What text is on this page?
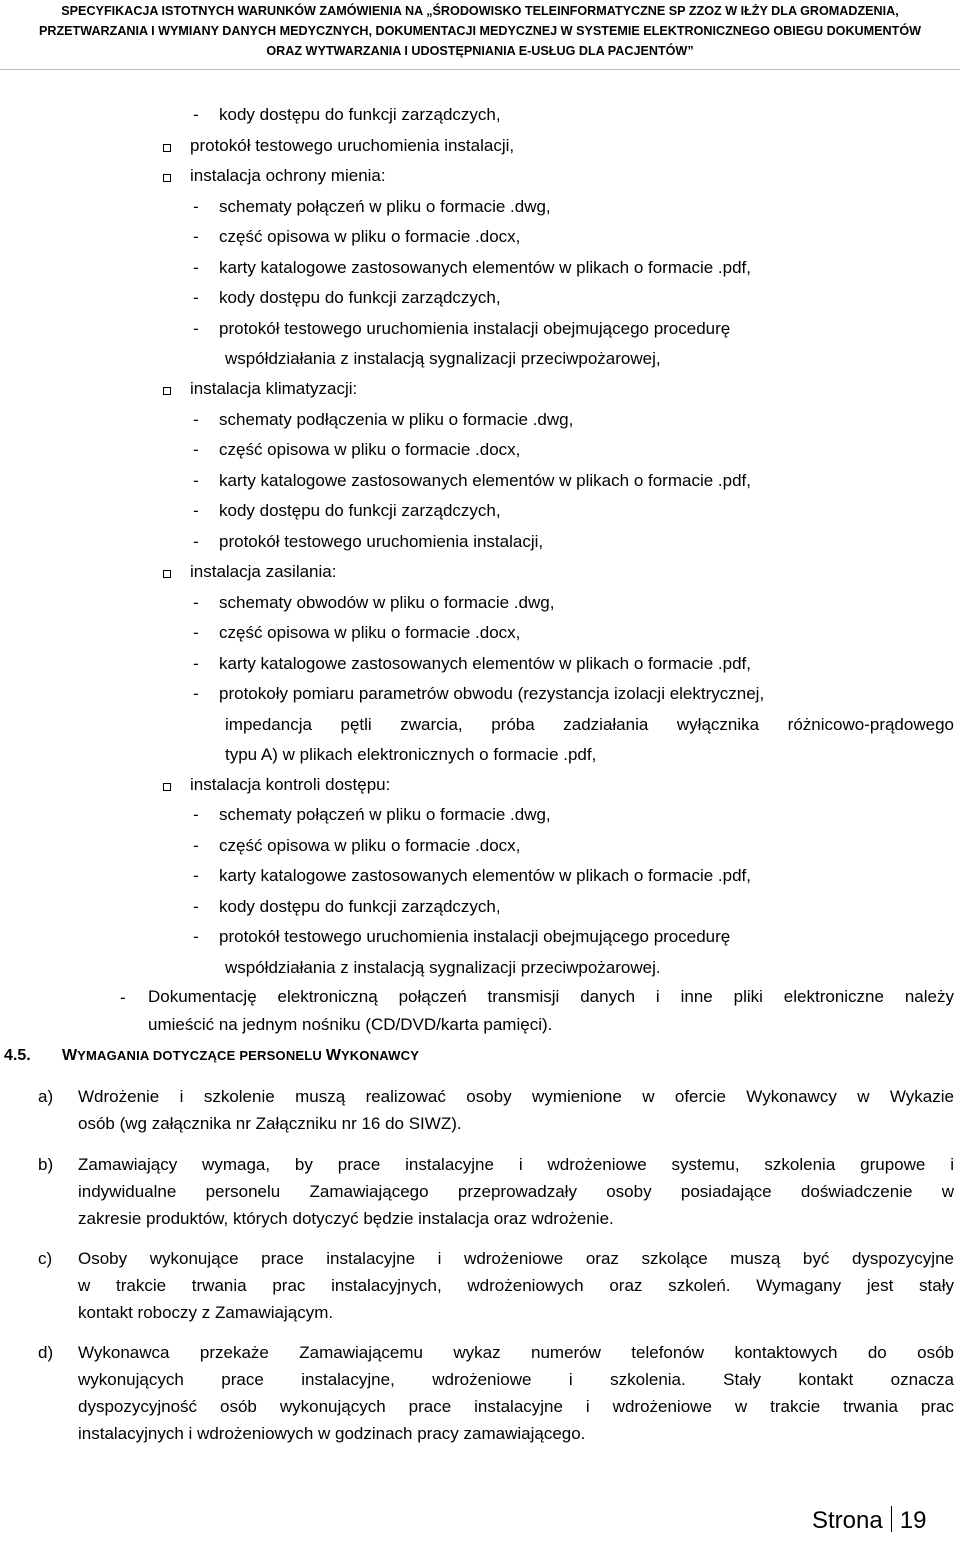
SPECYFIKACJA ISTOTNYCH WARUNKÓW ZAMÓWIENIA NA „ŚRODOWISKO TELEINFORMATYCZNE SP ZZOZ W IŁŻY DLA GROMADZENIA,
PRZETWARZANIA I WYMIANY DANYCH MEDYCZNYCH, DOKUMENTACJI MEDYCZNEJ W SYSTEMIE ELEKTRONICZNEGO OBIEGU DOKUMENTÓW
ORAZ WYTWARZANIA I UDOSTĘPNIANIA E-USŁUG DLA PACJENTÓW”
- kody dostępu do funkcji zarządczych,
protokół testowego uruchomienia instalacji,
instalacja ochrony mienia:
- schematy połączeń w pliku o formacie .dwg,
- część opisowa w pliku o formacie .docx,
- karty katalogowe zastosowanych elementów w plikach o formacie .pdf,
- kody dostępu do funkcji zarządczych,
- protokół testowego uruchomienia instalacji obejmującego procedurę
współdziałania z instalacją sygnalizacji przeciwpożarowej,
instalacja klimatyzacji:
- schematy podłączenia w pliku o formacie .dwg,
- część opisowa w pliku o formacie .docx,
- karty katalogowe zastosowanych elementów w plikach o formacie .pdf,
- kody dostępu do funkcji zarządczych,
- protokół testowego uruchomienia instalacji,
instalacja zasilania:
- schematy obwodów w pliku o formacie .dwg,
- część opisowa w pliku o formacie .docx,
- karty katalogowe zastosowanych elementów w plikach o formacie .pdf,
- protokoły pomiaru parametrów obwodu (rezystancja izolacji elektrycznej,
impedancja pętli zwarcia, próba zadziałania wyłącznika różnicowo-prądowego
typu A) w plikach elektronicznych o formacie .pdf,
instalacja kontroli dostępu:
- schematy połączeń w pliku o formacie .dwg,
- część opisowa w pliku o formacie .docx,
- karty katalogowe zastosowanych elementów w plikach o formacie .pdf,
- kody dostępu do funkcji zarządczych,
- protokół testowego uruchomienia instalacji obejmującego procedurę
współdziałania z instalacją sygnalizacji przeciwpożarowej.
- Dokumentację elektroniczną połączeń transmisji danych i inne pliki elektroniczne należy
umieścić na jednym nośniku (CD/DVD/karta pamięci).
4.5. WYMAGANIA DOTYCZĄCE PERSONELU WYKONAWCY
a) Wdrożenie i szkolenie muszą realizować osoby wymienione w ofercie Wykonawcy w Wykazie
osób (wg załącznika nr Załączniku nr 16 do SIWZ).
b) Zamawiający wymaga, by prace instalacyjne i wdrożeniowe systemu, szkolenia grupowe i
indywidualne personelu Zamawiającego przeprowadzały osoby posiadające doświadczenie w
zakresie produktów, których dotyczyć będzie instalacja oraz wdrożenie.
c) Osoby wykonujące prace instalacyjne i wdrożeniowe oraz szkolące muszą być dyspozycyjne
w trakcie trwania prac instalacyjnych, wdrożeniowych oraz szkoleń. Wymagany jest stały
kontakt roboczy z Zamawiającym.
d) Wykonawca przekaże Zamawiającemu wykaz numerów telefonów kontaktowych do osób
wykonujących prace instalacyjne, wdrożeniowe i szkolenia. Stały kontakt oznacza
dyspozycyjność osób wykonujących prace instalacyjne i wdrożeniowe w trakcie trwania prac
instalacyjnych i wdrożeniowych w godzinach pracy zamawiającego.
Strona 19
